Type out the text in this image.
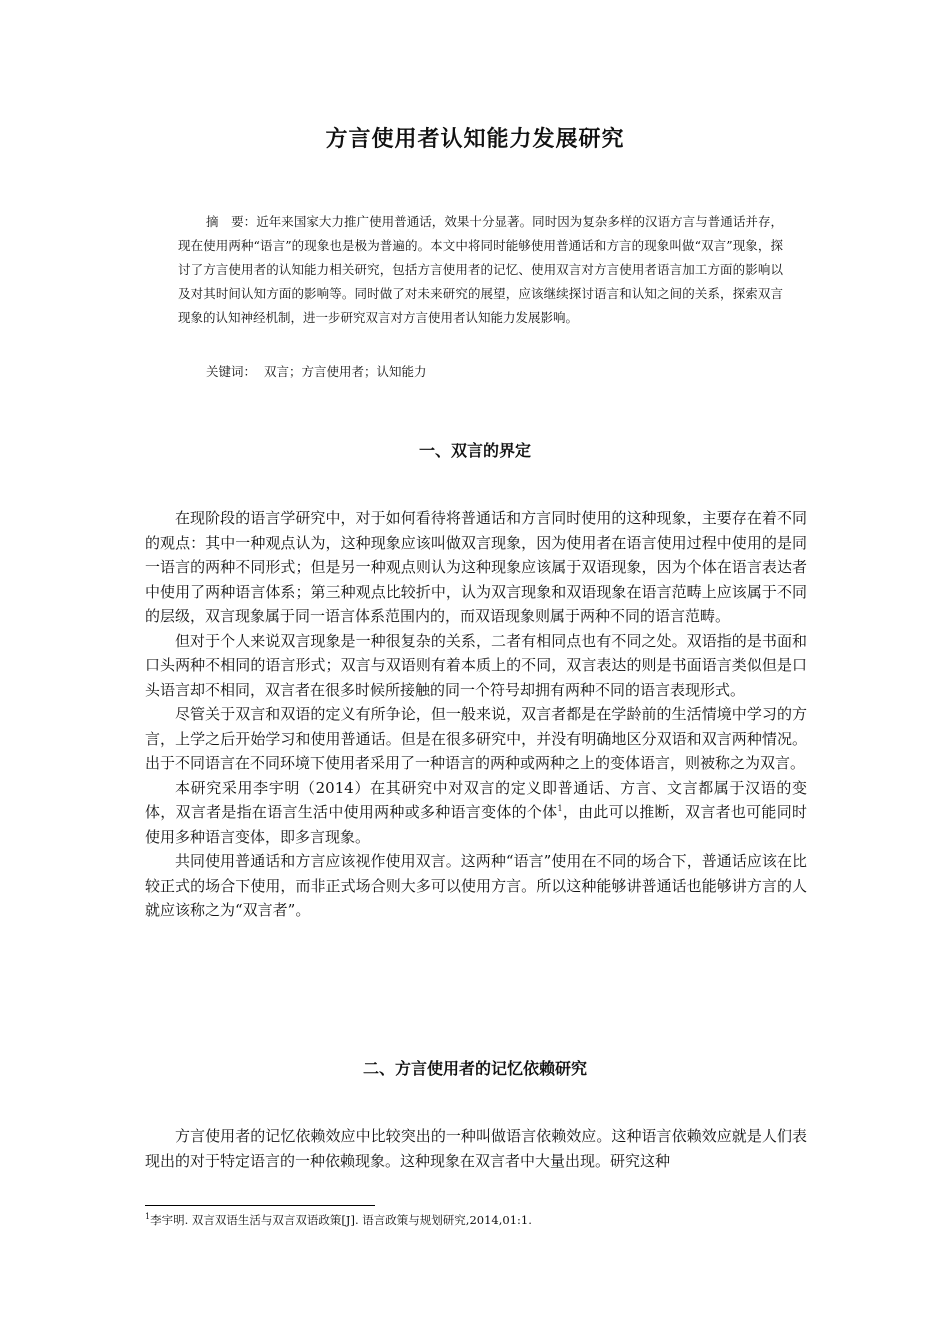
方言使用者认知能力发展研究

摘　要：近年来国家大力推广使用普通话，效果十分显著。同时因为复杂多样的汉语方言与普通话并存，现在使用两种“语言”的现象也是极为普遍的。本文中将同时能够使用普通话和方言的现象叫做“双言”现象，探讨了方言使用者的认知能力相关研究，包括方言使用者的记忆、使用双言对方言使用者语言加工方面的影响以及对其时间认知方面的影响等。同时做了对未来研究的展望，应该继续探讨语言和认知之间的关系，探索双言现象的认知神经机制，进一步研究双言对方言使用者认知能力发展影响。

关键词： 双言；方言使用者；认知能力

一、双言的界定

在现阶段的语言学研究中，对于如何看待将普通话和方言同时使用的这种现象，主要存在着不同的观点：其中一种观点认为，这种现象应该叫做双言现象，因为使用者在语言使用过程中使用的是同一语言的两种不同形式；但是另一种观点则认为这种现象应该属于双语现象，因为个体在语言表达者中使用了两种语言体系；第三种观点比较折中，认为双言现象和双语现象在语言范畴上应该属于不同的层级，双言现象属于同一语言体系范围内的，而双语现象则属于两种不同的语言范畴。

但对于个人来说双言现象是一种很复杂的关系，二者有相同点也有不同之处。双语指的是书面和口头两种不相同的语言形式；双言与双语则有着本质上的不同，双言表达的则是书面语言类似但是口头语言却不相同，双言者在很多时候所接触的同一个符号却拥有两种不同的语言表现形式。

尽管关于双言和双语的定义有所争论，但一般来说，双言者都是在学龄前的生活情境中学习的方言，上学之后开始学习和使用普通话。但是在很多研究中，并没有明确地区分双语和双言两种情况。出于不同语言在不同环境下使用者采用了一种语言的两种或两种之上的变体语言，则被称之为双言。

本研究采用李宇明（2014）在其研究中对双言的定义即普通话、方言、文言都属于汉语的变体，双言者是指在语言生活中使用两种或多种语言变体的个体$^1$，由此可以推断，双言者也可能同时使用多种语言变体，即多言现象。

共同使用普通话和方言应该视作使用双言。这两种“语言”使用在不同的场合下，普通话应该在比较正式的场合下使用，而非正式场合则大多可以使用方言。所以这种能够讲普通话也能够讲方言的人就应该称之为“双言者”。

二、方言使用者的记忆依赖研究

方言使用者的记忆依赖效应中比较突出的一种叫做语言依赖效应。这种语言依赖效应就是人们表现出的对于特定语言的一种依赖现象。这种现象在双言者中大量出现。研究这种

$^1$李宇明. 双言双语生活与双言双语政策[J]. 语言政策与规划研究,2014,01:1.
